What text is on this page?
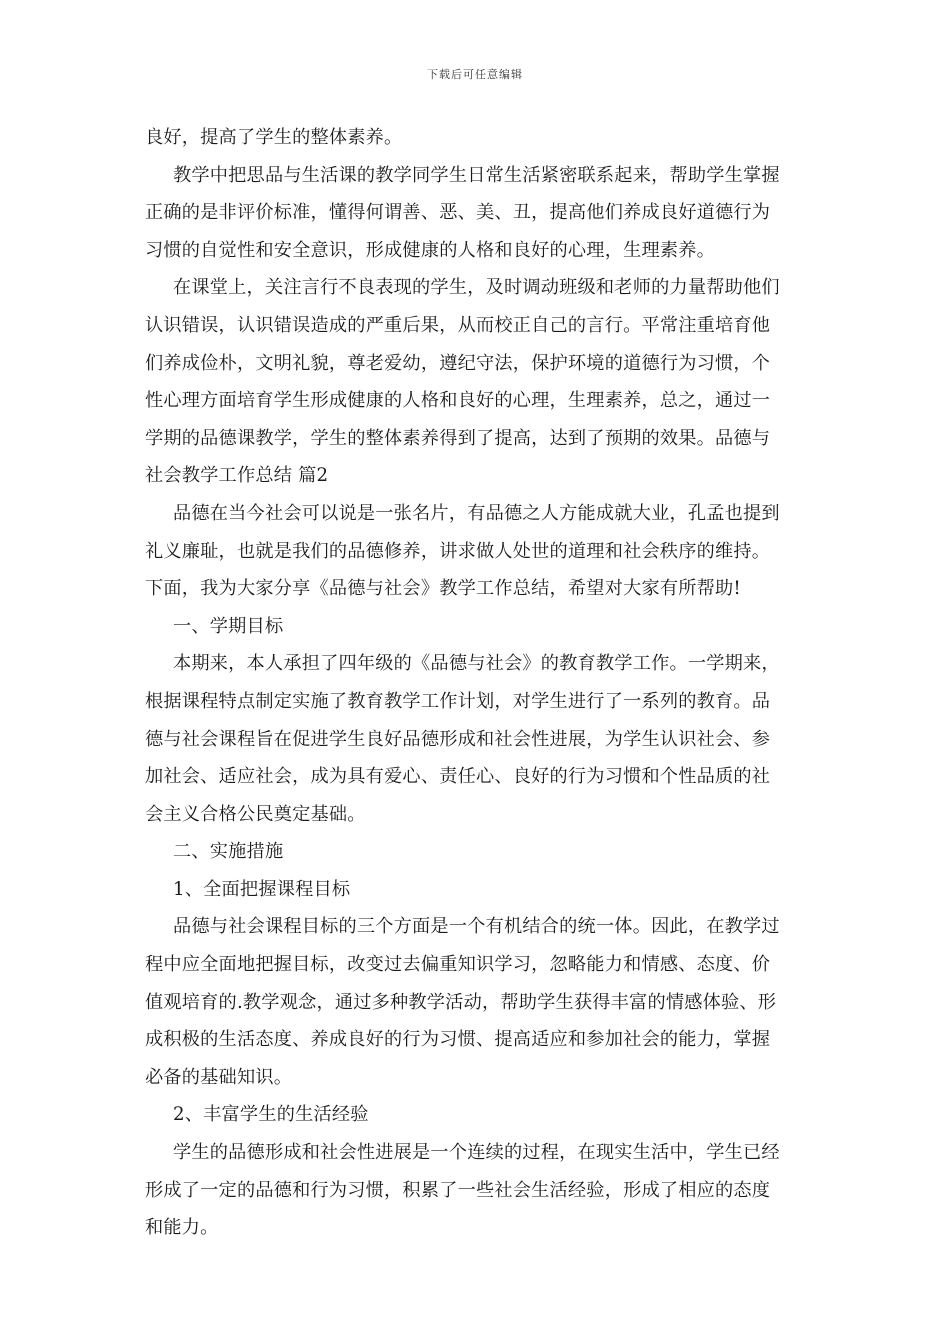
下载后可任意编辑
良好，提高了学生的整体素养。
教学中把思品与生活课的教学同学生日常生活紧密联系起来，帮助学生掌握
正确的是非评价标准，懂得何谓善、恶、美、丑，提高他们养成良好道德行为
习惯的自觉性和安全意识，形成健康的人格和良好的心理，生理素养。
在课堂上，关注言行不良表现的学生，及时调动班级和老师的力量帮助他们
认识错误，认识错误造成的严重后果，从而校正自己的言行。平常注重培育他
们养成俭朴，文明礼貌，尊老爱幼，遵纪守法，保护环境的道德行为习惯，个
性心理方面培育学生形成健康的人格和良好的心理，生理素养，总之，通过一
学期的品德课教学，学生的整体素养得到了提高，达到了预期的效果。品德与
社会教学工作总结 篇2
品德在当今社会可以说是一张名片，有品德之人方能成就大业，孔孟也提到
礼义廉耻，也就是我们的品德修养，讲求做人处世的道理和社会秩序的维持。
下面，我为大家分享《品德与社会》教学工作总结，希望对大家有所帮助!
一、学期目标
本期来，本人承担了四年级的《品德与社会》的教育教学工作。一学期来，
根据课程特点制定实施了教育教学工作计划，对学生进行了一系列的教育。品
德与社会课程旨在促进学生良好品德形成和社会性进展，为学生认识社会、参
加社会、适应社会，成为具有爱心、责任心、良好的行为习惯和个性品质的社
会主义合格公民奠定基础。
二、实施措施
1、全面把握课程目标
品德与社会课程目标的三个方面是一个有机结合的统一体。因此，在教学过
程中应全面地把握目标，改变过去偏重知识学习，忽略能力和情感、态度、价
值观培育的.教学观念，通过多种教学活动，帮助学生获得丰富的情感体验、形
成积极的生活态度、养成良好的行为习惯、提高适应和参加社会的能力，掌握
必备的基础知识。
2、丰富学生的生活经验
学生的品德形成和社会性进展是一个连续的过程，在现实生活中，学生已经
形成了一定的品德和行为习惯，积累了一些社会生活经验，形成了相应的态度
和能力。
